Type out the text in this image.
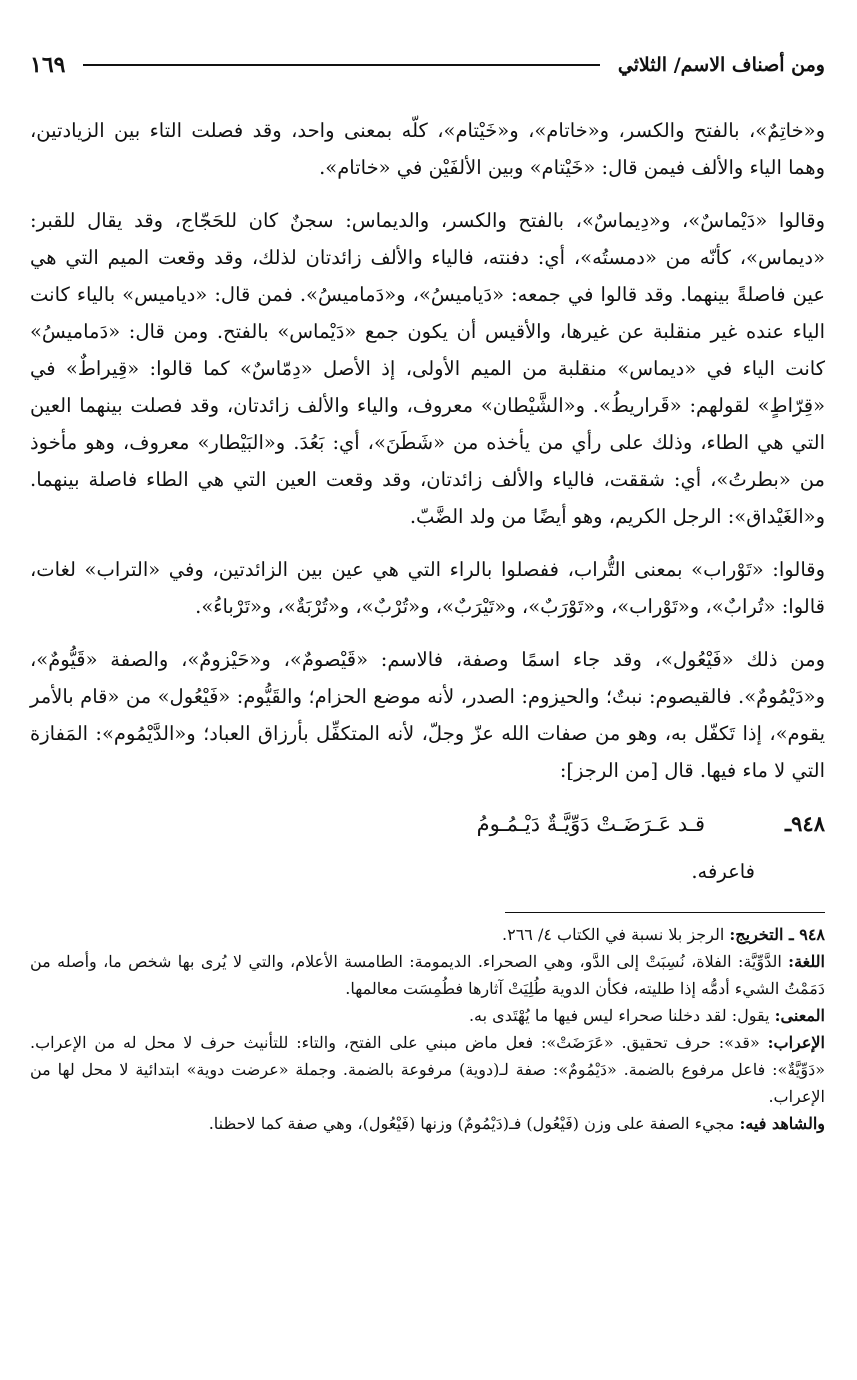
ومن أصناف الاسم/ الثلاثي
١٦٩

و«خاتِمٌ»، بالفتح والكسر، و«خاتام»، و«خَيْتام»، كلّه بمعنى واحد، وقد فصلت التاء بين الزيادتين، وهما الياء والألف فيمن قال: «خَيْتام» وبين الألفَيْن في «خاتام».

وقالوا «دَيْماسٌ»، و«دِيماسٌ»، بالفتح والكسر، والديماس: سجنٌ كان للحَجّاج، وقد يقال للقبر: «ديماس»، كأنّه من «دمستُه»، أي: دفنته، فالياء والألف زائدتان لذلك، وقد وقعت الميم التي هي عين فاصلةً بينهما. وقد قالوا في جمعه: «دَياميسُ»، و«دَماميسُ». فمن قال: «دياميس» بالياء كانت الياء عنده غير منقلبة عن غيرها، والأقيس أن يكون جمع «دَيْماس» بالفتح. ومن قال: «دَماميسُ» كانت الياء في «ديماس» منقلبة من الميم الأولى، إذ الأصل «دِمّاسٌ» كما قالوا: «قِيراطٌ» في «قِرّاطٍ» لقولهم: «قَراريطُ». و«الشَّيْطان» معروف، والياء والألف زائدتان، وقد فصلت بينهما العين التي هي الطاء، وذلك على رأي من يأخذه من «شَطَنَ»، أي: بَعُدَ. و«البَيْطار» معروف، وهو مأخوذ من «بطرتُ»، أي: شققت، فالياء والألف زائدتان، وقد وقعت العين التي هي الطاء فاصلة بينهما. و«الغَيْداق»: الرجل الكريم، وهو أيضًا من ولد الضَّبّ.

وقالوا: «تَوْراب» بمعنى التُّراب، ففصلوا بالراء التي هي عين بين الزائدتين، وفي «التراب» لغات، قالوا: «تُرابٌ»، و«تَوْراب»، و«تَوْرَبٌ»، و«تَيْرَبٌ»، و«تُرْبٌ»، و«تُرْبَةٌ»، و«تَرْباءُ».

ومن ذلك «فَيْعُول»، وقد جاء اسمًا وصفة، فالاسم: «قَيْصومٌ»، و«حَيْزومٌ»، والصفة «قَيُّومٌ»، و«دَيْمُومٌ». فالقيصوم: نبتٌ؛ والحيزوم: الصدر، لأنه موضع الحزام؛ والقَيُّوم: «فَيْعُول» من «قام بالأمر يقوم»، إذا تَكفّل به، وهو من صفات الله عزّ وجلّ، لأنه المتكفِّل بأرزاق العباد؛ و«الدَّيْمُوم»: المَفازة التي لا ماء فيها. قال [من الرجز]:

٩٤٨ـ
قـد عَـرَضَـتْ دَوِّيَّـةٌ دَيْـمُـومُ

فاعرفه.

٩٤٨ ـ التخريج: الرجز بلا نسبة في الكتاب ٤/ ٢٦٦.

اللغة: الدَّوِّيَّة: الفلاة، نُسِبَتْ إلى الدَّو، وهي الصحراء. الديمومة: الطامسة الأعلام، والتي لا يُرى بها شخص ما، وأصله من دَمَمْتُ الشيء أدمُّه إذا طليته، فكأن الدوية طُلِيَتْ آثارها فطُمِسَت معالمها.

المعنى: يقول: لقد دخلنا صحراء ليس فيها ما يُهْتَدى به.

الإعراب: «قد»: حرف تحقيق. «عَرَضَتْ»: فعل ماض مبني على الفتح، والتاء: للتأنيث حرف لا محل له من الإعراب. «دَوِّيَّةٌ»: فاعل مرفوع بالضمة. «دَيْمُومٌ»: صفة لـ(دوية) مرفوعة بالضمة. وجملة «عرضت دوية» ابتدائية لا محل لها من الإعراب.

والشاهد فيه: مجيء الصفة على وزن (فَيْعُول) فـ(دَيْمُومٌ) وزنها (فَيْعُول)، وهي صفة كما لاحظنا.
